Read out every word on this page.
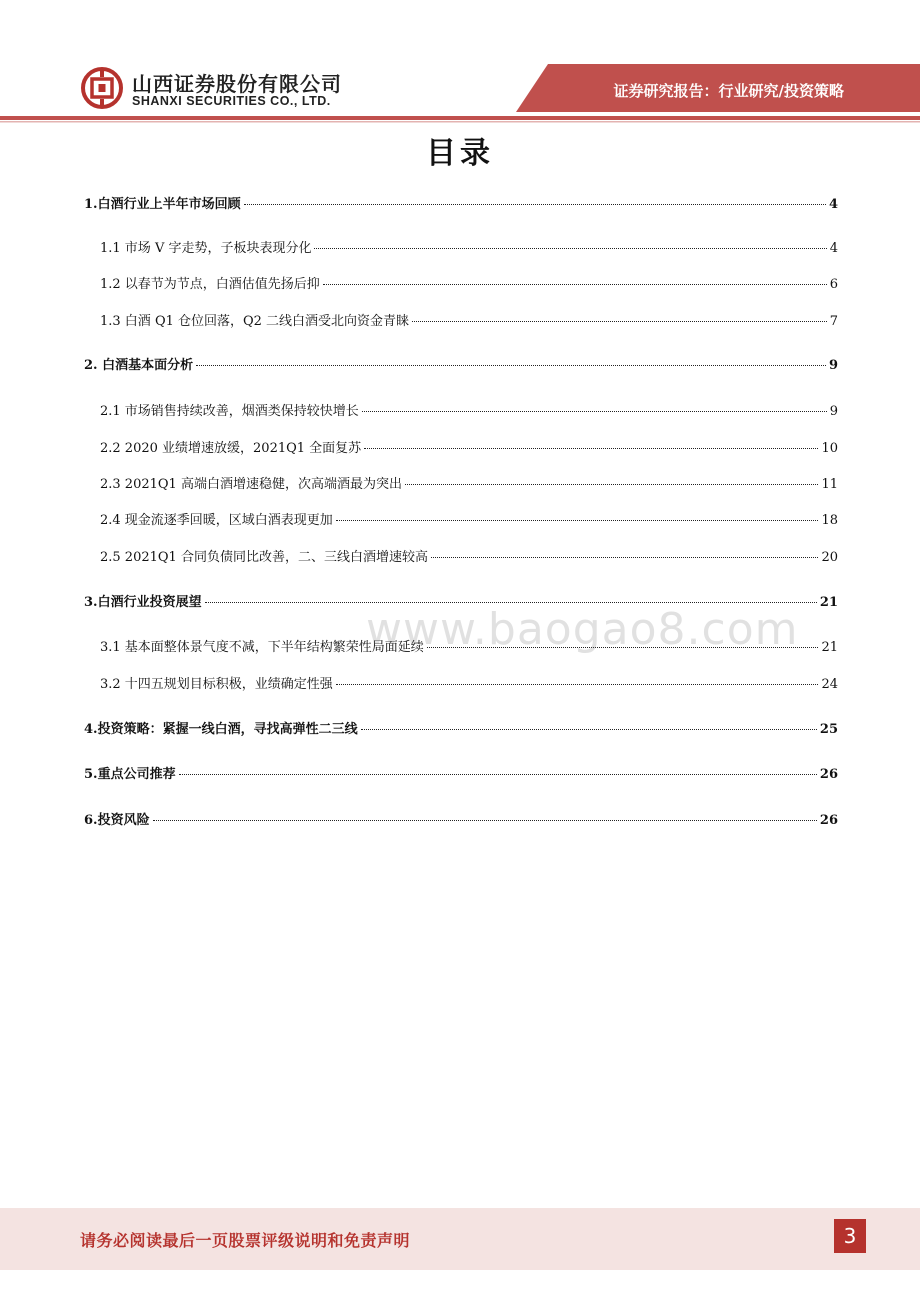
山西证券股份有限公司
SHANXI SECURITIES CO., LTD.
证券研究报告：行业研究/投资策略
目录
1.白酒行业上半年市场回顾	4
1.1 市场 V 字走势，子板块表现分化	4
1.2 以春节为节点，白酒估值先扬后抑	6
1.3 白酒 Q1 仓位回落，Q2 二线白酒受北向资金青睐	7
2. 白酒基本面分析	9
2.1 市场销售持续改善，烟酒类保持较快增长	9
2.2 2020 业绩增速放缓，2021Q1 全面复苏	10
2.3 2021Q1 高端白酒增速稳健，次高端酒最为突出	11
2.4 现金流逐季回暖，区域白酒表现更加	18
2.5 2021Q1 合同负债同比改善，二、三线白酒增速较高	20
3.白酒行业投资展望	21
3.1 基本面整体景气度不减，下半年结构繁荣性局面延续	21
3.2 十四五规划目标积极，业绩确定性强	24
4.投资策略：紧握一线白酒，寻找高弹性二三线	25
5.重点公司推荐	26
6.投资风险	26
www.baogao8.com
请务必阅读最后一页股票评级说明和免责声明	3
